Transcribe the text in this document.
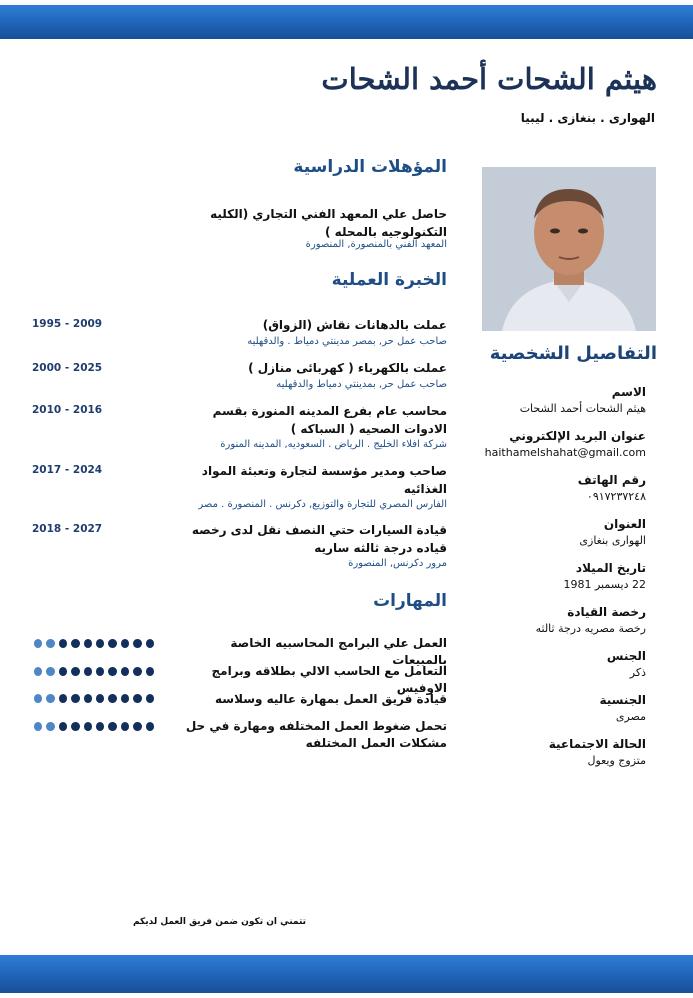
هيثم الشحات أحمد الشحات
الهوارى . بنغازى . ليبيا
المؤهلات الدراسية
حاصل علي المعهد الفني التجاري (الكليه التكنولوجيه بالمحله )
المعهد الفني بالمنصورة, المنصورة
الخبرة العملية
عملت بالدهانات نقاش (الزواق)
صاحب عمل حر, بمصر مدينتي دمياط . والدقهليه
1995 - 2009
عملت بالكهرباء ( كهربائى منازل )
صاحب عمل حر, بمدينتي دمياط والدقهليه
2000 - 2025
محاسب عام بفرع المدينه المنورة بقسم الادوات الصحيه ( السباكه )
شركة افلاء الخليج . الرياض . السعوديه, المدينه المنورة
2010 - 2016
صاحب ومدير مؤسسة لتجارة وتعبئة المواد الغذائيه
الفارس المصري للتجارة والتوزيع, دكرنس . المنصورة . مصر
2017 - 2024
قيادة السيارات حتي النصف نقل لدى رخصه قياده درجة ثالثه ساريه
مرور دكرنس, المنصورة
2018 - 2027
المهارات
العمل علي البرامج المحاسبيه الخاصة بالمبيعات
التعامل مع الحاسب الالي بطلاقه وبرامج الاوفيس
قيادة فريق العمل بمهارة عاليه وسلاسه
تحمل ضغوط العمل المختلفه ومهارة في حل مشكلات العمل المختلفه
التفاصيل الشخصية
الاسم
هيثم الشحات أحمد الشحات
عنوان البريد الإلكتروني
haithamelshahat@gmail.com
رقم الهاتف
٠٩١٧٢٣٧٢٤٨
العنوان
الهوارى بنغازى
تاريخ الميلاد
22 ديسمبر 1981
رخصة القيادة
رخصة مصريه درجة ثالثه
الجنس
ذكر
الجنسية
مصرى
الحالة الاجتماعية
متزوج ويعول
تتمني ان تكون ضمن فريق العمل لديكم
